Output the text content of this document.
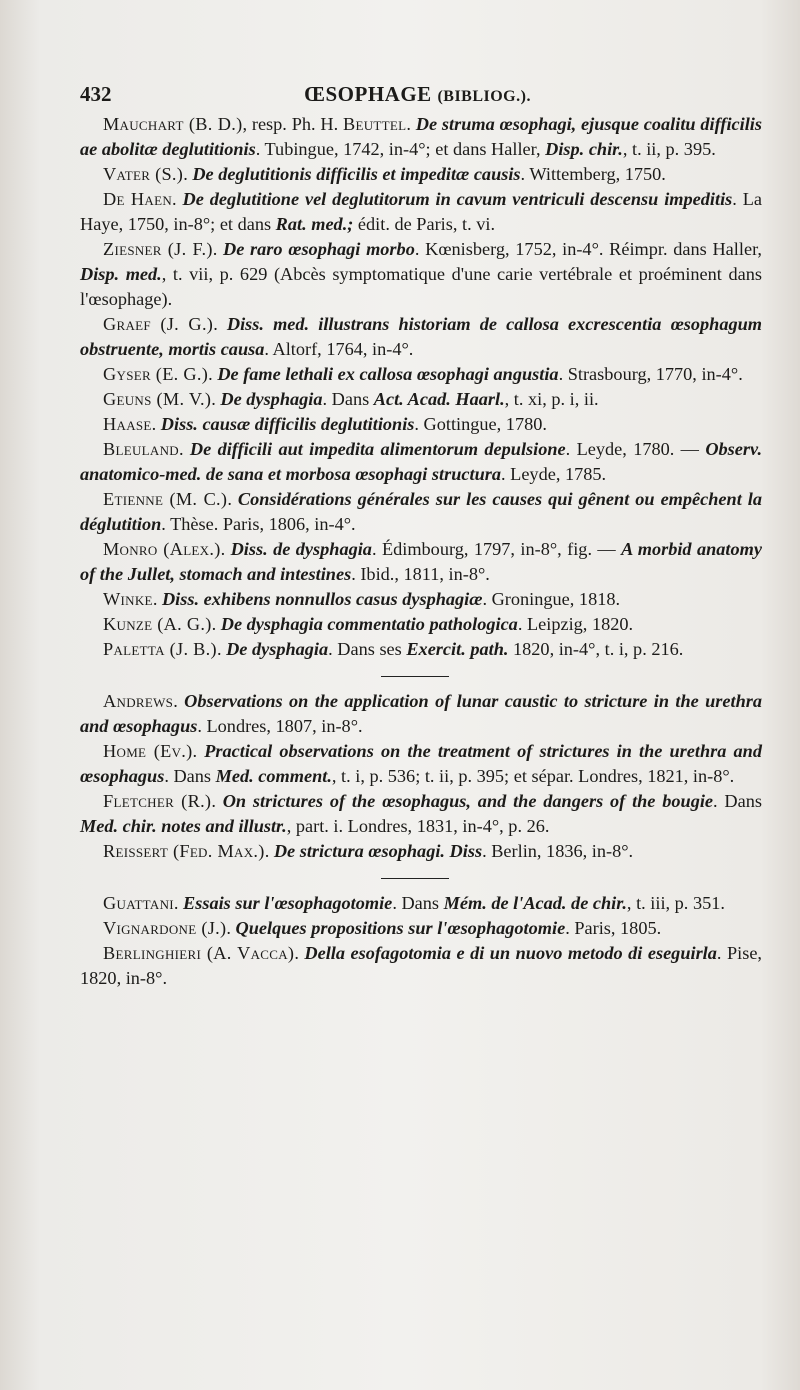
432	ŒSOPHAGE (BIBLIOG.).

Mauchart (B. D.), resp. Ph. H. Beuttel. De struma œsophagi, ejusque coalitu difficilis ae abolitæ deglutitionis. Tubingue, 1742, in-4°; et dans Haller, Disp. chir., t. ii, p. 395.

Vater (S.). De deglutitionis difficilis et impeditæ causis. Wittemberg, 1750.

De Haen. De deglutitione vel deglutitorum in cavum ventriculi descensu impeditis. La Haye, 1750, in-8°; et dans Rat. med.; édit. de Paris, t. vi.

Ziesner (J. F.). De raro œsophagi morbo. Kœnisberg, 1752, in-4°. Réimpr. dans Haller, Disp. med., t. vii, p. 629 (Abcès symptomatique d'une carie vertébrale et proéminent dans l'œsophage).

Graef (J. G.). Diss. med. illustrans historiam de callosa excrescentia œsophagum obstruente, mortis causa. Altorf, 1764, in-4°.

Gyser (E. G.). De fame lethali ex callosa œsophagi angustia. Strasbourg, 1770, in-4°.

Geuns (M. V.). De dysphagia. Dans Act. Acad. Haarl., t. xi, p. i, ii.

Haase. Diss. causæ difficilis deglutitionis. Gottingue, 1780.

Bleuland. De difficili aut impedita alimentorum depulsione. Leyde, 1780. — Observ. anatomico-med. de sana et morbosa œsophagi structura. Leyde, 1785.

Etienne (M. C.). Considérations générales sur les causes qui gênent ou empêchent la déglutition. Thèse. Paris, 1806, in-4°.

Monro (Alex.). Diss. de dysphagia. Édimbourg, 1797, in-8°, fig. — A morbid anatomy of the Jullet, stomach and intestines. Ibid., 1811, in-8°.

Winke. Diss. exhibens nonnullos casus dysphagiæ. Groningue, 1818.

Kunze (A. G.). De dysphagia commentatio pathologica. Leipzig, 1820.

Paletta (J. B.). De dysphagia. Dans ses Exercit. path. 1820, in-4°, t. i, p. 216.

Andrews. Observations on the application of lunar caustic to stricture in the urethra and œsophagus. Londres, 1807, in-8°.

Home (Ev.). Practical observations on the treatment of strictures in the urethra and œsophagus. Dans Med. comment., t. i, p. 536; t. ii, p. 395; et sépar. Londres, 1821, in-8°.

Fletcher (R.). On strictures of the œsophagus, and the dangers of the bougie. Dans Med. chir. notes and illustr., part. i. Londres, 1831, in-4°, p. 26.

Reissert (Fed. Max.). De strictura œsophagi. Diss. Berlin, 1836, in-8°.

Guattani. Essais sur l'œsophagotomie. Dans Mém. de l'Acad. de chir., t. iii, p. 351.

Vignardone (J.). Quelques propositions sur l'œsophagotomie. Paris, 1805.

Berlinghieri (A. Vacca). Della esofagotomia e di un nuovo metodo di eseguirla. Pise, 1820, in-8°.
